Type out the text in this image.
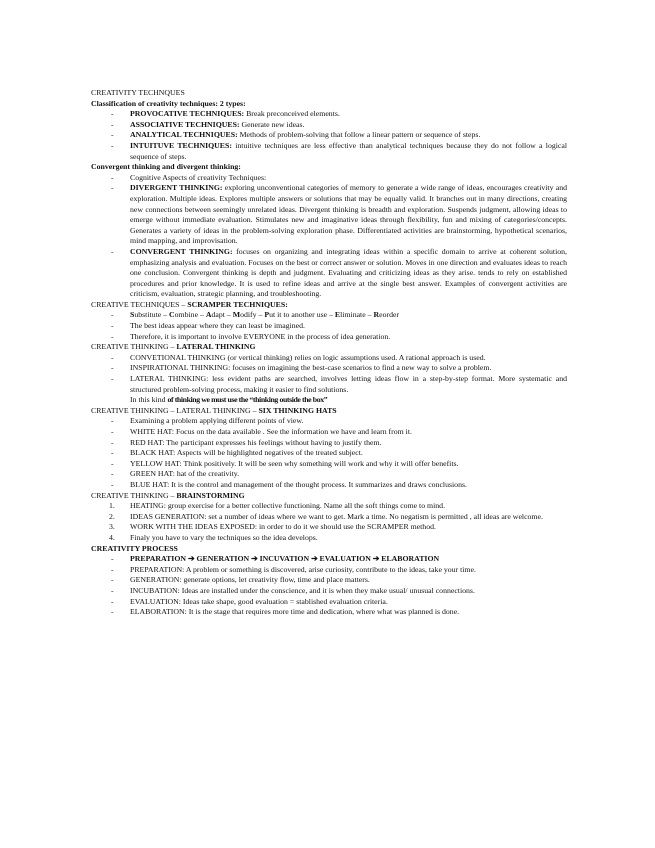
CREATIVITY TECHNQUES

Classification of creativity techniques: 2 types:

- PROVOCATIVE TECHNIQUES: Break preconceived elements.
- ASSOCIATIVE TECHNIQUES: Generate new ideas.
- ANALYTICAL TECHNIQUES: Methods of problem-solving that follow a linear pattern or sequence of steps.
- INTUITUVE TECHNIQUES: intuitive techniques are less effective than analytical techniques because they do not follow a logical sequence of steps.

Convergent thinking and divergent thinking:

- Cognitive Aspects of creativity Techniques:
- DIVERGENT THINKING: exploring unconventional categories of memory to generate a wide range of ideas, encourages creativity and exploration. Multiple ideas. Explores multiple answers or solutions that may be equally valid. It branches out in many directions, creating new connections between seemingly unrelated ideas. Divergent thinking is breadth and exploration. Suspends judgment, allowing ideas to emerge without immediate evaluation. Stimulates new and imaginative ideas through flexibility, fun and mixing of categories/concepts. Generates a variety of ideas in the problem-solving exploration phase. Differentiated activities are brainstorming, hypothetical scenarios, mind mapping, and improvisation.
- CONVERGENT THINKING: focuses on organizing and integrating ideas within a specific domain to arrive at coherent solution, emphasizing analysis and evaluation. Focuses on the best or correct answer or solution. Moves in one direction and evaluates ideas to reach one conclusion. Convergent thinking is depth and judgment. Evaluating and criticizing ideas as they arise. tends to rely on established procedures and prior knowledge. It is used to refine ideas and arrive at the single best answer. Examples of convergent activities are criticism, evaluation, strategic planning, and troubleshooting.

CREATIVE TECHNIQUES – SCRAMPER TECHNIQUES:

- Substitute – Combine – Adapt – Modify – Put it to another use – Eliminate – Reorder
- The best ideas appear where they can least be imagined.
- Therefore, it is important to involve EVERYONE in the process of idea generation.

CREATIVE THINKING – LATERAL THINKING

- CONVETIONAL THINKING (or vertical thinking) relies on logic assumptions used. A rational approach is used.
- INSPIRATIONAL THINKING: focuses on imagining the best-case scenarios to find a new way to solve a problem.
- LATERAL THINKING: less evident paths are searched, involves letting ideas flow in a step-by-step format. More systematic and structured problem-solving process, making it easier to find solutions.

In this kind of thinking we must use the “thinking outside the box”

CREATIVE THINKING – LATERAL THINKING – SIX THINKING HATS

- Examining a problem applying different points of view.
- WHITE HAT: Focus on the data available . See the information we have and learn from it.
- RED HAT: The participant expresses his feelings without having to justify them.
- BLACK HAT: Aspects will be highlighted negatives of the treated subject.
- YELLOW HAT: Think positively. It will be seen why something will work and why it will offer benefits.
- GREEN HAT: hat of the creativity.
- BLUE HAT: It is the control and management of the thought process. It summarizes and draws conclusions.

CREATIVE THINKING – BRAINSTORMING

1. HEATING: group exercise for a better collective functioning. Name all the soft things come to mind.
2. IDEAS GENERATION: set a number of ideas where we want to get. Mark a time. No negatism is permitted , all ideas are welcome.
3. WORK WITH THE IDEAS EXPOSED: in order to do it we should use the SCRAMPER method.
4. Finaly you have to vary the techniques so the idea develops.

CREATIVITY PROCESS

- PREPARATION ➔ GENERATION ➔ INCUVATION ➔ EVALUATION ➔ ELABORATION
- PREPARATION: A problem or something is discovered, arise curiosity, contribute to the ideas, take your time.
- GENERATION: generate options, let creativity flow, time and place matters.
- INCUBATION: Ideas are installed under the conscience, and it is when they make usual/ unusual connections.
- EVALUATION: Ideas take shape, good evaluation = stablished evaluation criteria.
- ELABORATION: It is the stage that requires more time and dedication, where what was planned is done.
